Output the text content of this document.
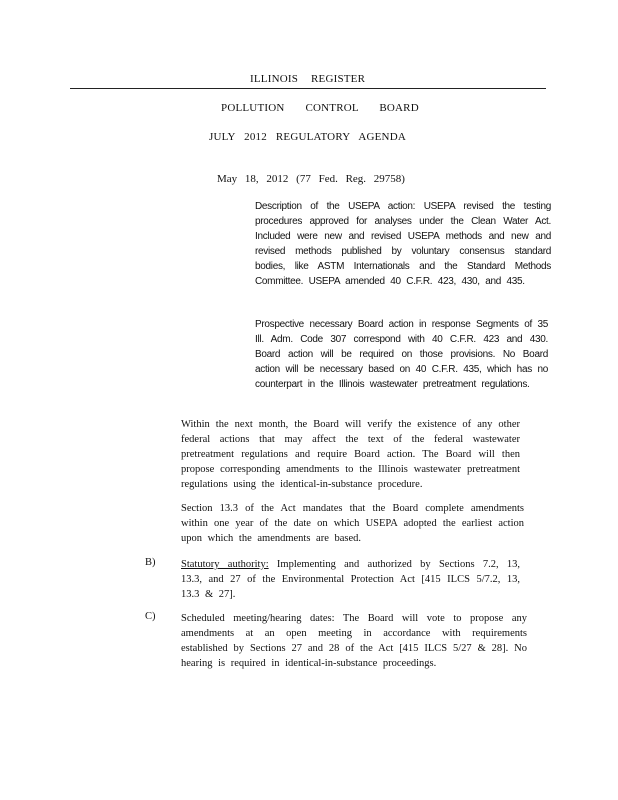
ILLINOIS REGISTER
POLLUTION CONTROL BOARD
JULY 2012 REGULATORY AGENDA
May 18, 2012 (77 Fed. Reg. 29758)

Description of the USEPA action: USEPA revised the testing procedures approved for analyses under the Clean Water Act. Included were new and revised USEPA methods and new and revised methods published by voluntary consensus standard bodies, like ASTM Internationals and the Standard Methods Committee. USEPA amended 40 C.F.R. 423, 430, and 435.

Prospective necessary Board action in response Segments of 35 Ill. Adm. Code 307 correspond with 40 C.F.R. 423 and 430. Board action will be required on those provisions. No Board action will be necessary based on 40 C.F.R. 435, which has no counterpart in the Illinois wastewater pretreatment regulations.

Within the next month, the Board will verify the existence of any other federal actions that may affect the text of the federal wastewater pretreatment regulations and require Board action. The Board will then propose corresponding amendments to the Illinois wastewater pretreatment regulations using the identical-in-substance procedure.

Section 13.3 of the Act mandates that the Board complete amendments within one year of the date on which USEPA adopted the earliest action upon which the amendments are based.

B) Statutory authority: Implementing and authorized by Sections 7.2, 13, 13.3, and 27 of the Environmental Protection Act [415 ILCS 5/7.2, 13, 13.3 & 27].

C) Scheduled meeting/hearing dates: The Board will vote to propose any amendments at an open meeting in accordance with requirements established by Sections 27 and 28 of the Act [415 ILCS 5/27 & 28]. No hearing is required in identical-in-substance proceedings.
